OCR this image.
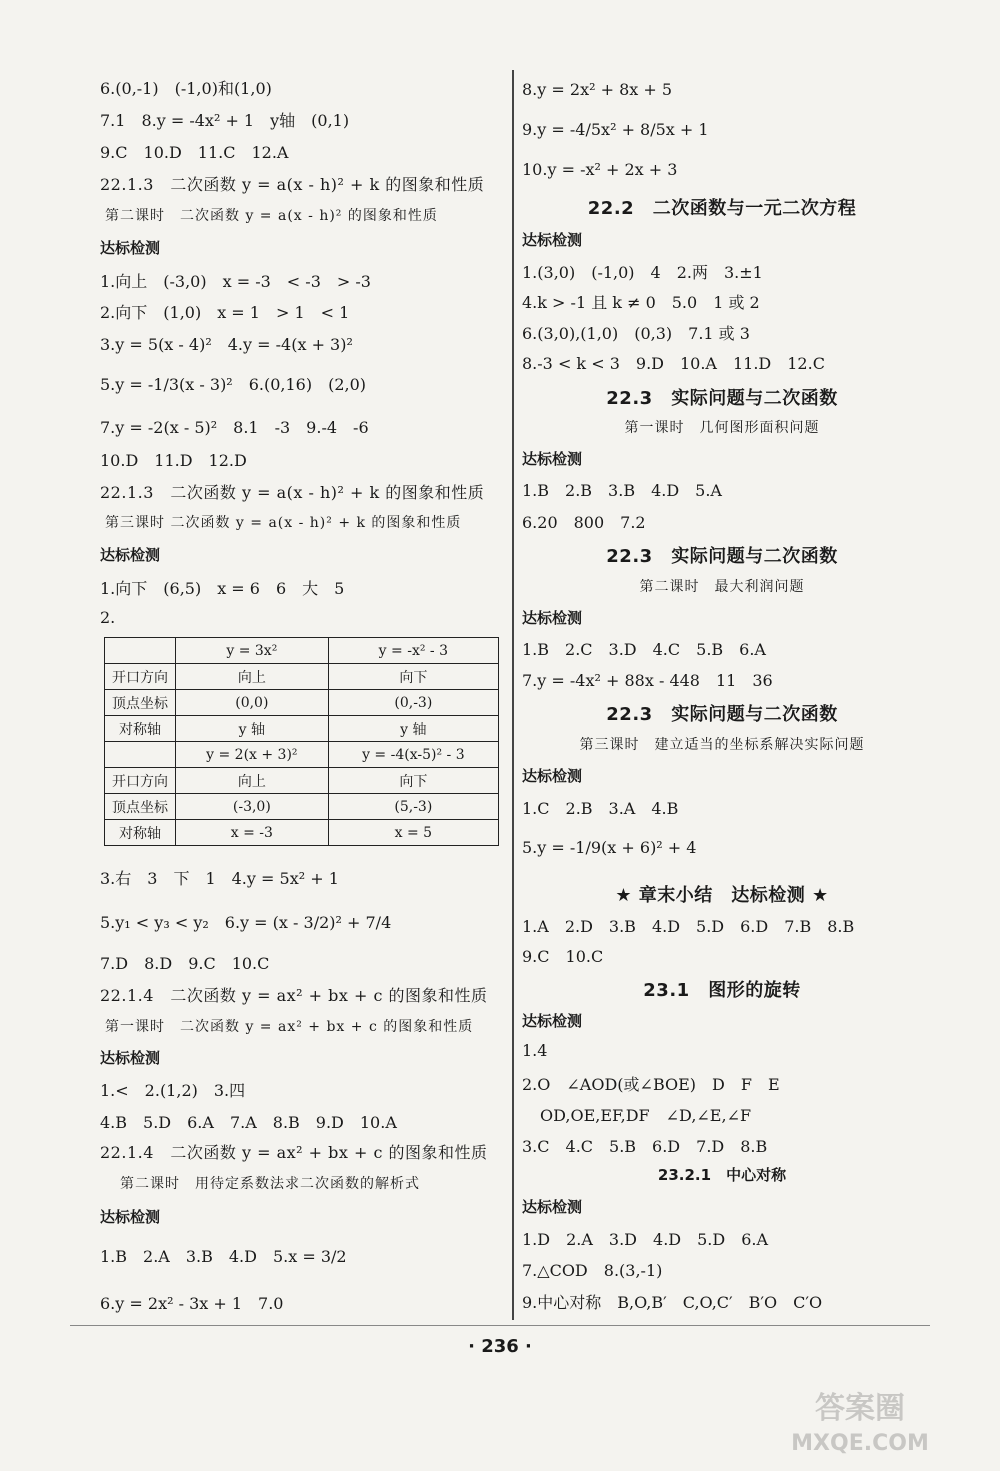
6.(0,-1)　(-1,0)和(1,0)
7.1　8.y = -4x² + 1　y轴　(0,1)
9.C　10.D　11.C　12.A
22.1.3　二次函数 y = a(x - h)² + k 的图象和性质
第二课时　二次函数 y = a(x - h)² 的图象和性质
达标检测
1.向上　(-3,0)　x = -3　< -3　> -3
2.向下　(1,0)　x = 1　> 1　< 1
3.y = 5(x - 4)²　4.y = -4(x + 3)²
5.y = -1/3(x - 3)²　6.(0,16)　(2,0)
7.y = -2(x - 5)²　8.1　-3　9.-4　-6
10.D　11.D　12.D
22.1.3　二次函数 y = a(x - h)² + k 的图象和性质
第三课时 二次函数 y = a(x - h)² + k 的图象和性质
达标检测
1.向下　(6,5)　x = 6　6　大　5
2.
	y = 3x²	y = -x² - 3
开口方向	向上	向下
顶点坐标	(0,0)	(0,-3)
对称轴	y 轴	y 轴
	y = 2(x + 3)²	y = -4(x-5)² - 3
开口方向	向上	向下
顶点坐标	(-3,0)	(5,-3)
对称轴	x = -3	x = 5
3.右　3　下　1　4.y = 5x² + 1
5.y₁ < y₃ < y₂　6.y = (x - 3/2)² + 7/4
7.D　8.D　9.C　10.C
22.1.4　二次函数 y = ax² + bx + c 的图象和性质
第一课时　二次函数 y = ax² + bx + c 的图象和性质
达标检测
1.<　2.(1,2)　3.四
4.B　5.D　6.A　7.A　8.B　9.D　10.A
22.1.4　二次函数 y = ax² + bx + c 的图象和性质
第二课时　用待定系数法求二次函数的解析式
达标检测
1.B　2.A　3.B　4.D　5.x = 3/2
6.y = 2x² - 3x + 1　7.0
8.y = 2x² + 8x + 5
9.y = -4/5x² + 8/5x + 1
10.y = -x² + 2x + 3
22.2　二次函数与一元二次方程
达标检测
1.(3,0)　(-1,0)　4　2.两　3.±1
4.k > -1 且 k ≠ 0　5.0　1 或 2
6.(3,0),(1,0)　(0,3)　7.1 或 3
8.-3 < k < 3　9.D　10.A　11.D　12.C
22.3　实际问题与二次函数
第一课时　几何图形面积问题
达标检测
1.B　2.B　3.B　4.D　5.A
6.20　800　7.2
22.3　实际问题与二次函数
第二课时　最大利润问题
达标检测
1.B　2.C　3.D　4.C　5.B　6.A
7.y = -4x² + 88x - 448　11　36
22.3　实际问题与二次函数
第三课时　建立适当的坐标系解决实际问题
达标检测
1.C　2.B　3.A　4.B
5.y = -1/9(x + 6)² + 4
★ 章末小结　达标检测 ★
1.A　2.D　3.B　4.D　5.D　6.D　7.B　8.B
9.C　10.C
23.1　图形的旋转
达标检测
1.4
2.O　∠AOD(或∠BOE)　D　F　E
OD,OE,EF,DF　∠D,∠E,∠F
3.C　4.C　5.B　6.D　7.D　8.B
23.2.1　中心对称
达标检测
1.D　2.A　3.D　4.D　5.D　6.A
7.△COD　8.(3,-1)
9.中心对称　B,O,B′　C,O,C′　B′O　C′O
· 236 ·
答案圈
MXQE.COM
